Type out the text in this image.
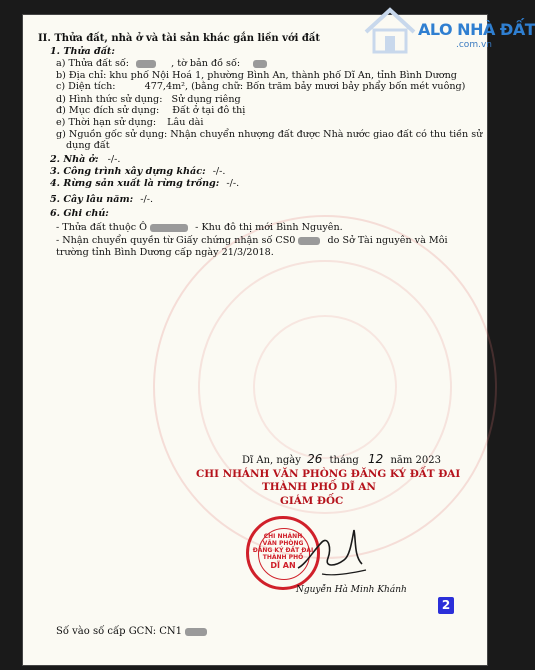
ALO NHÀ ĐẤT
.com.vn
II. Thửa đất, nhà ở và tài sản khác gắn liền với đất
1. Thửa đất:
a) Thửa đất số:	, tờ bản đồ số:
b) Địa chỉ: khu phố Nội Hoá 1, phường Bình An, thành phố Dĩ An, tỉnh Bình Dương
c) Diện tích:	477,4m², (bằng chữ: Bốn trăm bảy mươi bảy phẩy bốn mét vuông)
d) Hình thức sử dụng: Sử dụng riêng
đ) Mục đích sử dụng: Đất ở tại đô thị
e) Thời hạn sử dụng: Lâu dài
g) Nguồn gốc sử dụng: Nhận chuyển nhượng đất được Nhà nước giao đất có thu tiền sử
dụng đất
2. Nhà ở: -/-.
3. Công trình xây dựng khác: -/-.
4. Rừng sản xuất là rừng trồng: -/-.
5. Cây lâu năm: -/-.
6. Ghi chú:
- Thửa đất thuộc Ô	- Khu đô thị mới Bình Nguyên.
- Nhận chuyển quyền từ Giấy chứng nhận số CS0	do Sở Tài nguyên và Môi
trường tỉnh Bình Dương cấp ngày 21/3/2018.
Dĩ An, ngày 26 tháng 12 năm 2023
CHI NHÁNH VĂN PHÒNG ĐĂNG KÝ ĐẤT ĐAI
THÀNH PHỐ DĨ AN
GIÁM ĐỐC
CHI NHÁNH
VĂN PHÒNG
ĐĂNG KÝ ĐẤT ĐAI
THÀNH PHỐ
DĨ AN
Nguyễn Hà Minh Khánh
2
Số vào số cấp GCN: CN1
